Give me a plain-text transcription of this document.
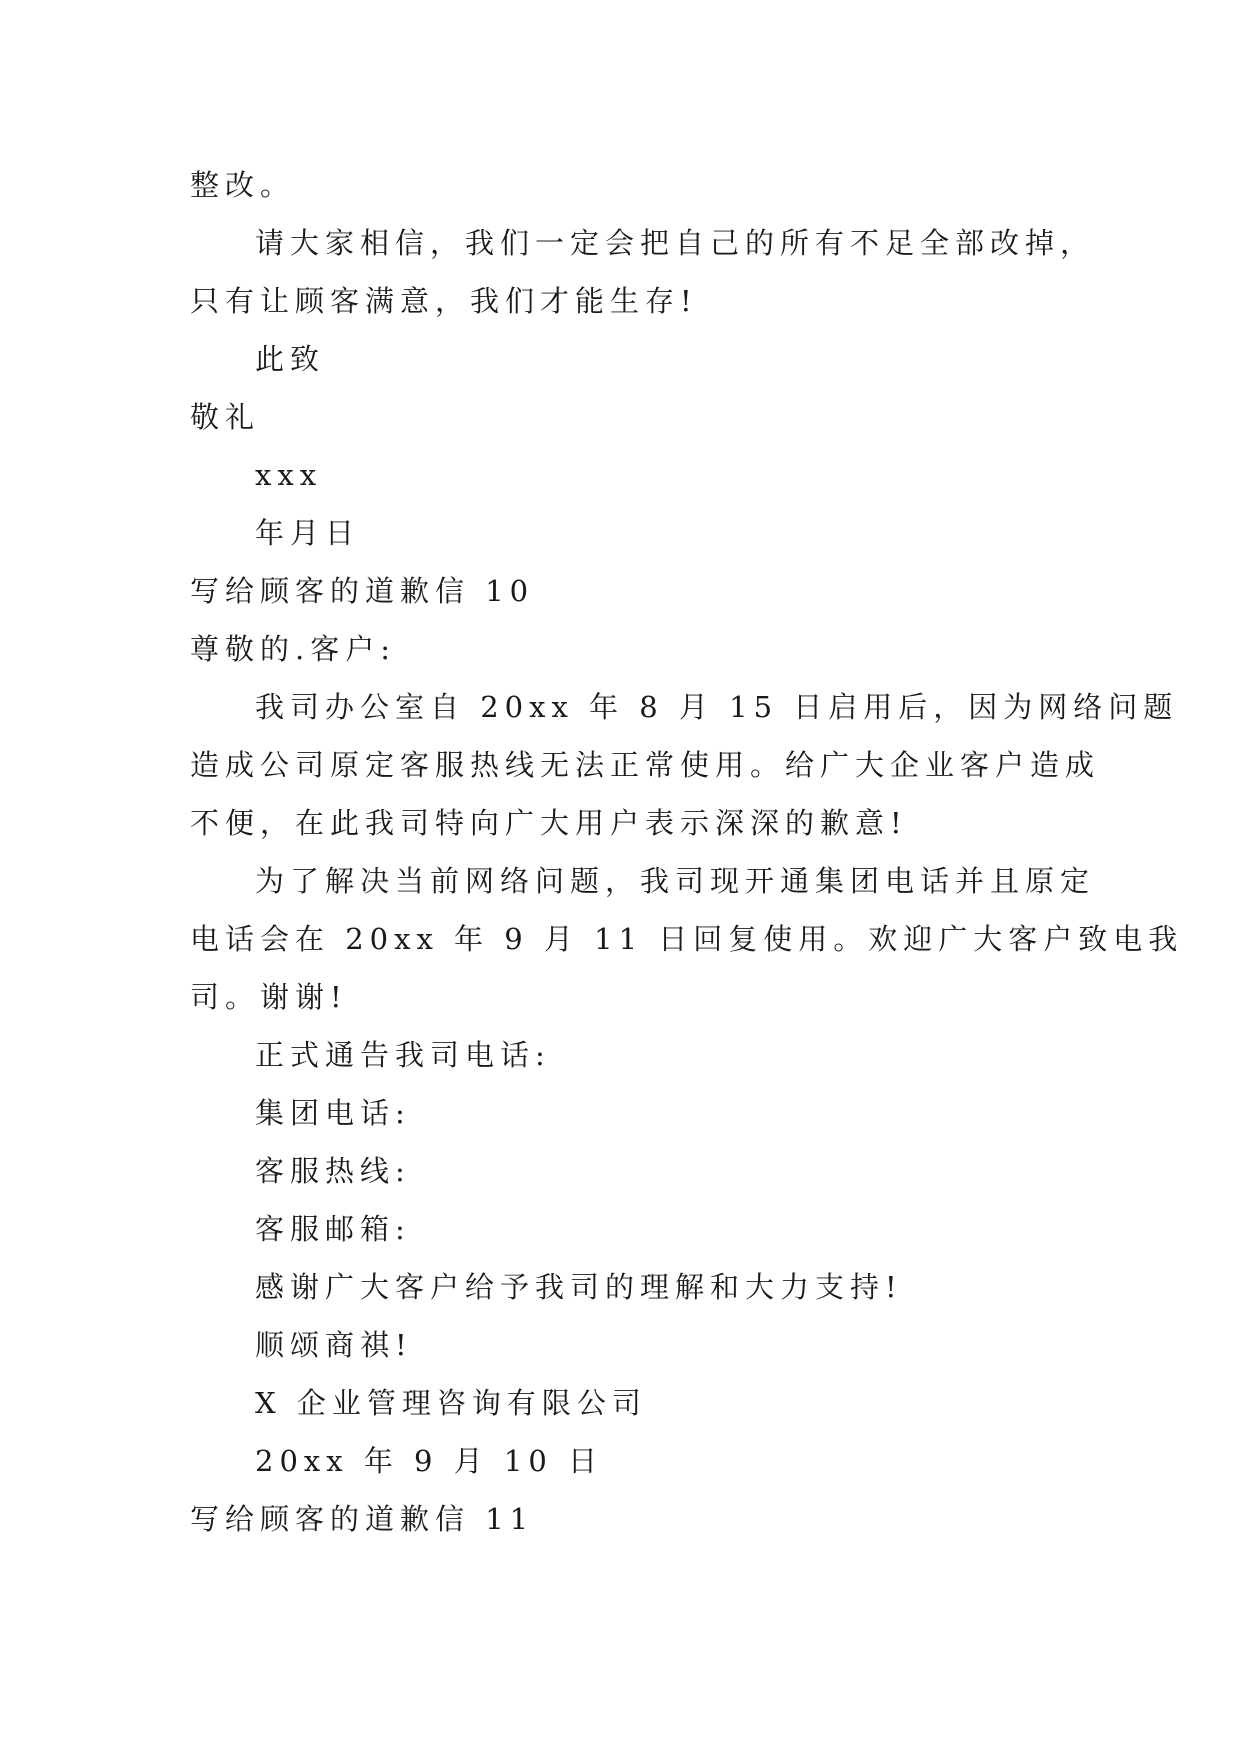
整改。
请大家相信，我们一定会把自己的所有不足全部改掉，
只有让顾客满意，我们才能生存!
此致
敬礼
xxx
年月日
写给顾客的道歉信 10
尊敬的.客户:
我司办公室自 20xx 年 8 月 15 日启用后，因为网络问题
造成公司原定客服热线无法正常使用。给广大企业客户造成
不便，在此我司特向广大用户表示深深的歉意!
为了解决当前网络问题，我司现开通集团电话并且原定
电话会在 20xx 年 9 月 11 日回复使用。欢迎广大客户致电我
司。谢谢!
正式通告我司电话:
集团电话:
客服热线:
客服邮箱:
感谢广大客户给予我司的理解和大力支持!
顺颂商祺!
X 企业管理咨询有限公司
20xx 年 9 月 10 日
写给顾客的道歉信 11
